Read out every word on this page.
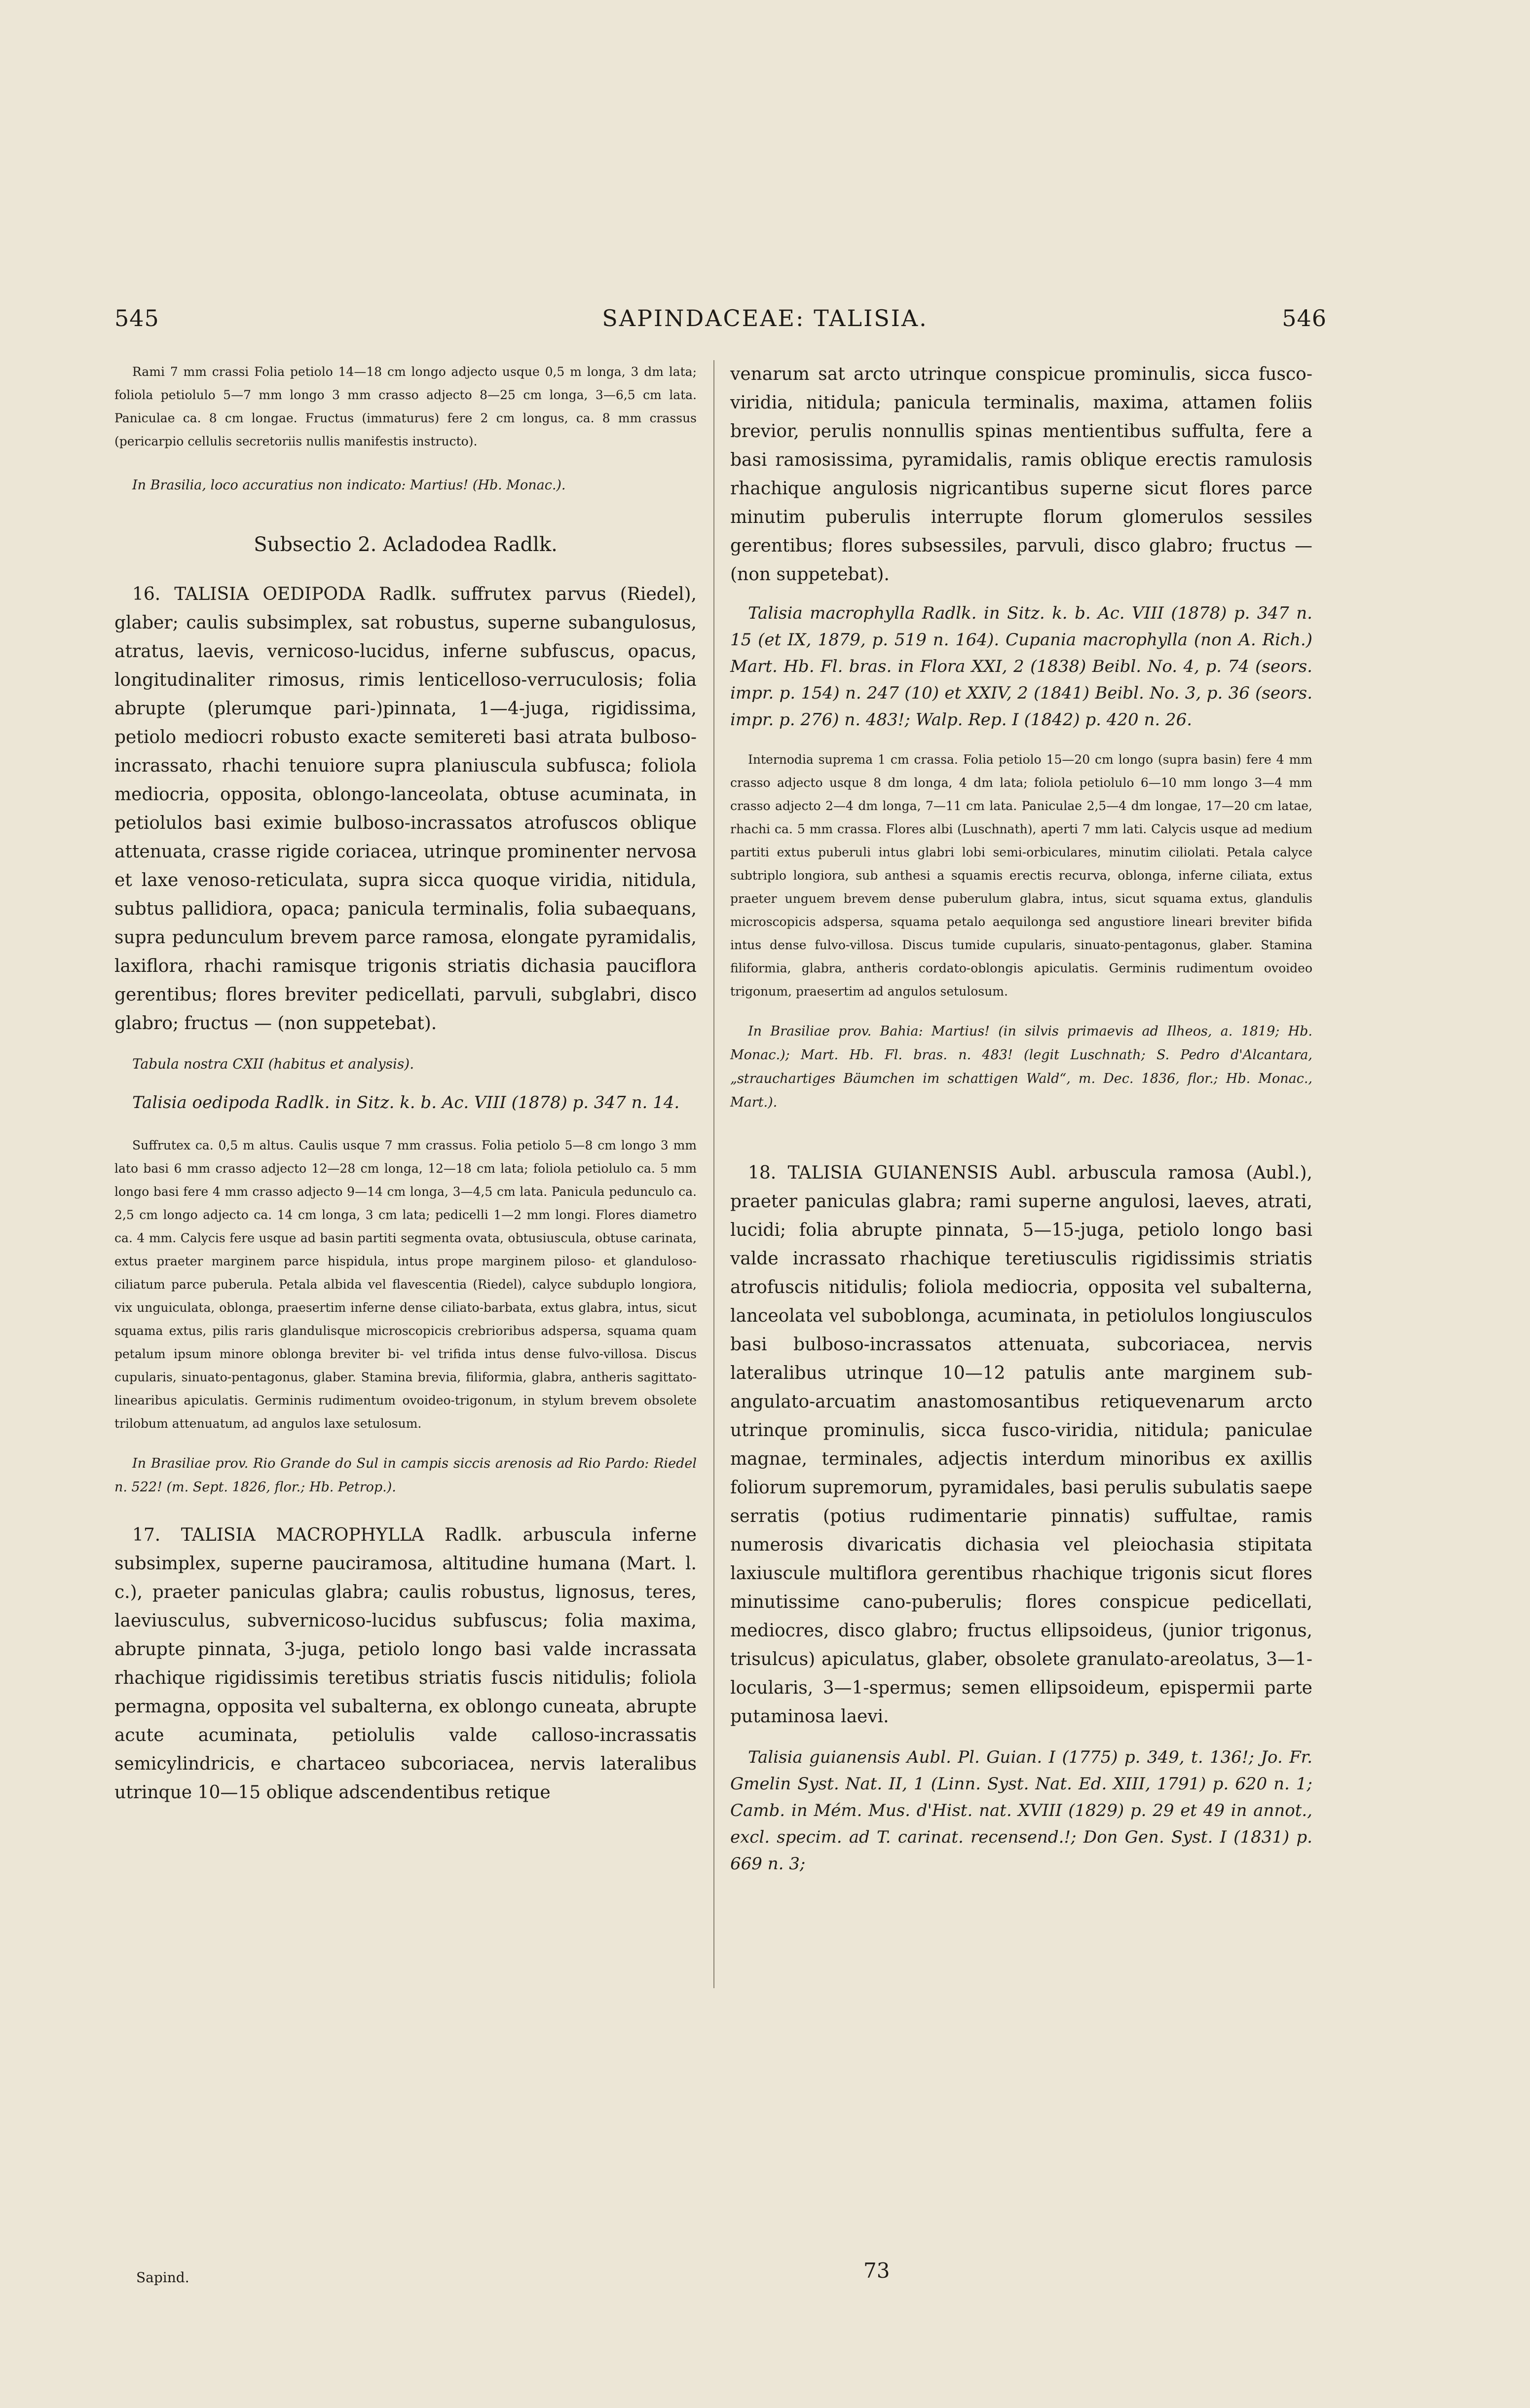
545	SAPINDACEAE: TALISIA.	546

Rami 7 mm crassi Folia petiolo 14—18 cm longo adjecto usque 0,5 m longa, 3 dm lata; foliola petiolulo 5—7 mm longo 3 mm crasso adjecto 8—25 cm longa, 3—6,5 cm lata. Paniculae ca. 8 cm longae. Fructus (immaturus) fere 2 cm longus, ca. 8 mm crassus (pericarpio cellulis secretoriis nullis manifestis instructo).

In Brasilia, loco accuratius non indicato: Martius! (Hb. Monac.).

Subsectio 2. Acladodea Radlk.

16. TALISIA OEDIPODA Radlk. suffrutex parvus (Riedel), glaber; caulis subsimplex, sat robustus, superne subangulosus, atratus, laevis, vernicoso-lucidus, inferne subfuscus, opacus, longitudinaliter rimosus, rimis lenticelloso-verruculosis; folia abrupte (plerumque pari-)pinnata, 1—4-juga, rigidissima, petiolo mediocri robusto exacte semitereti basi atrata bulboso-incrassato, rhachi tenuiore supra planiuscula subfusca; foliola mediocria, opposita, oblongo-lanceolata, obtuse acuminata, in petiolulos basi eximie bulboso-incrassatos atrofuscos oblique attenuata, crasse rigide coriacea, utrinque prominenter nervosa et laxe venoso-reticulata, supra sicca quoque viridia, nitidula, subtus pallidiora, opaca; panicula terminalis, folia subaequans, supra pedunculum brevem parce ramosa, elongate pyramidalis, laxiflora, rhachi ramisque trigonis striatis dichasia pauciflora gerentibus; flores breviter pedicellati, parvuli, subglabri, disco glabro; fructus — (non suppetebat).

Tabula nostra CXII (habitus et analysis).

Talisia oedipoda Radlk. in Sitz. k. b. Ac. VIII (1878) p. 347 n. 14.

Suffrutex ca. 0,5 m altus. Caulis usque 7 mm crassus. Folia petiolo 5—8 cm longo 3 mm lato basi 6 mm crasso adjecto 12—28 cm longa, 12—18 cm lata; foliola petiolulo ca. 5 mm longo basi fere 4 mm crasso adjecto 9—14 cm longa, 3—4,5 cm lata. Panicula pedunculo ca. 2,5 cm longo adjecto ca. 14 cm longa, 3 cm lata; pedicelli 1—2 mm longi. Flores diametro ca. 4 mm. Calycis fere usque ad basin partiti segmenta ovata, obtusiuscula, obtuse carinata, extus praeter marginem parce hispidula, intus prope marginem piloso- et glanduloso-ciliatum parce puberula. Petala albida vel flavescentia (Riedel), calyce subduplo longiora, vix unguiculata, oblonga, praesertim inferne dense ciliato-barbata, extus glabra, intus, sicut squama extus, pilis raris glandulisque microscopicis crebrioribus adspersa, squama quam petalum ipsum minore oblonga breviter bi- vel trifida intus dense fulvo-villosa. Discus cupularis, sinuato-pentagonus, glaber. Stamina brevia, filiformia, glabra, antheris sagittato-linearibus apiculatis. Germinis rudimentum ovoideo-trigonum, in stylum brevem obsolete trilobum attenuatum, ad angulos laxe setulosum.

In Brasiliae prov. Rio Grande do Sul in campis siccis arenosis ad Rio Pardo: Riedel n. 522! (m. Sept. 1826, flor.; Hb. Petrop.).

17. TALISIA MACROPHYLLA Radlk. arbuscula inferne subsimplex, superne pauciramosa, altitudine humana (Mart. l. c.), praeter paniculas glabra; caulis robustus, lignosus, teres, laeviusculus, subvernicoso-lucidus subfuscus; folia maxima, abrupte pinnata, 3-juga, petiolo longo basi valde incrassata rhachique rigidissimis teretibus striatis fuscis nitidulis; foliola permagna, opposita vel subalterna, ex oblongo cuneata, abrupte acute acuminata, petiolulis valde calloso-incrassatis semicylindricis, e chartaceo subcoriacea, nervis lateralibus utrinque 10—15 oblique adscendentibus retique

Sapind.

venarum sat arcto utrinque conspicue prominulis, sicca fusco-viridia, nitidula; panicula terminalis, maxima, attamen foliis brevior, perulis nonnullis spinas mentientibus suffulta, fere a basi ramosissima, pyramidalis, ramis oblique erectis ramulosis rhachique angulosis nigricantibus superne sicut flores parce minutim puberulis interrupte florum glomerulos sessiles gerentibus; flores subsessiles, parvuli, disco glabro; fructus — (non suppetebat).

Talisia macrophylla Radlk. in Sitz. k. b. Ac. VIII (1878) p. 347 n. 15 (et IX, 1879, p. 519 n. 164). Cupania macrophylla (non A. Rich.) Mart. Hb. Fl. bras. in Flora XXI, 2 (1838) Beibl. No. 4, p. 74 (seors. impr. p. 154) n. 247 (10) et XXIV, 2 (1841) Beibl. No. 3, p. 36 (seors. impr. p. 276) n. 483!; Walp. Rep. I (1842) p. 420 n. 26.

Internodia suprema 1 cm crassa. Folia petiolo 15—20 cm longo (supra basin) fere 4 mm crasso adjecto usque 8 dm longa, 4 dm lata; foliola petiolulo 6—10 mm longo 3—4 mm crasso adjecto 2—4 dm longa, 7—11 cm lata. Paniculae 2,5—4 dm longae, 17—20 cm latae, rhachi ca. 5 mm crassa. Flores albi (Luschnath), aperti 7 mm lati. Calycis usque ad medium partiti extus puberuli intus glabri lobi semi-orbiculares, minutim ciliolati. Petala calyce subtriplo longiora, sub anthesi a squamis erectis recurva, oblonga, inferne ciliata, extus praeter unguem brevem dense puberulum glabra, intus, sicut squama extus, glandulis microscopicis adspersa, squama petalo aequilonga sed angustiore lineari breviter bifida intus dense fulvo-villosa. Discus tumide cupularis, sinuato-pentagonus, glaber. Stamina filiformia, glabra, antheris cordato-oblongis apiculatis. Germinis rudimentum ovoideo trigonum, praesertim ad angulos setulosum.

In Brasiliae prov. Bahia: Martius! (in silvis primaevis ad Ilheos, a. 1819; Hb. Monac.); Mart. Hb. Fl. bras. n. 483! (legit Luschnath; S. Pedro d'Alcantara, „strauchartiges Bäumchen im schattigen Wald“, m. Dec. 1836, flor.; Hb. Monac., Mart.).

18. TALISIA GUIANENSIS Aubl. arbuscula ramosa (Aubl.), praeter paniculas glabra; rami superne angulosi, laeves, atrati, lucidi; folia abrupte pinnata, 5—15-juga, petiolo longo basi valde incrassato rhachique teretiusculis rigidissimis striatis atrofuscis nitidulis; foliola mediocria, opposita vel subalterna, lanceolata vel suboblonga, acuminata, in petiolulos longiusculos basi bulboso-incrassatos attenuata, subcoriacea, nervis lateralibus utrinque 10—12 patulis ante marginem sub-angulato-arcuatim anastomosantibus retiquevenarum arcto utrinque prominulis, sicca fusco-viridia, nitidula; paniculae magnae, terminales, adjectis interdum minoribus ex axillis foliorum supremorum, pyramidales, basi perulis subulatis saepe serratis (potius rudimentarie pinnatis) suffultae, ramis numerosis divaricatis dichasia vel pleiochasia stipitata laxiuscule multiflora gerentibus rhachique trigonis sicut flores minutissime cano-puberulis; flores conspicue pedicellati, mediocres, disco glabro; fructus ellipsoideus, (junior trigonus, trisulcus) apiculatus, glaber, obsolete granulato-areolatus, 3—1-locularis, 3—1-spermus; semen ellipsoideum, epispermii parte putaminosa laevi.

Talisia guianensis Aubl. Pl. Guian. I (1775) p. 349, t. 136!; Jo. Fr. Gmelin Syst. Nat. II, 1 (Linn. Syst. Nat. Ed. XIII, 1791) p. 620 n. 1; Camb. in Mém. Mus. d'Hist. nat. XVIII (1829) p. 29 et 49 in annot., excl. specim. ad T. carinat. recensend.!; Don Gen. Syst. I (1831) p. 669 n. 3;

73
